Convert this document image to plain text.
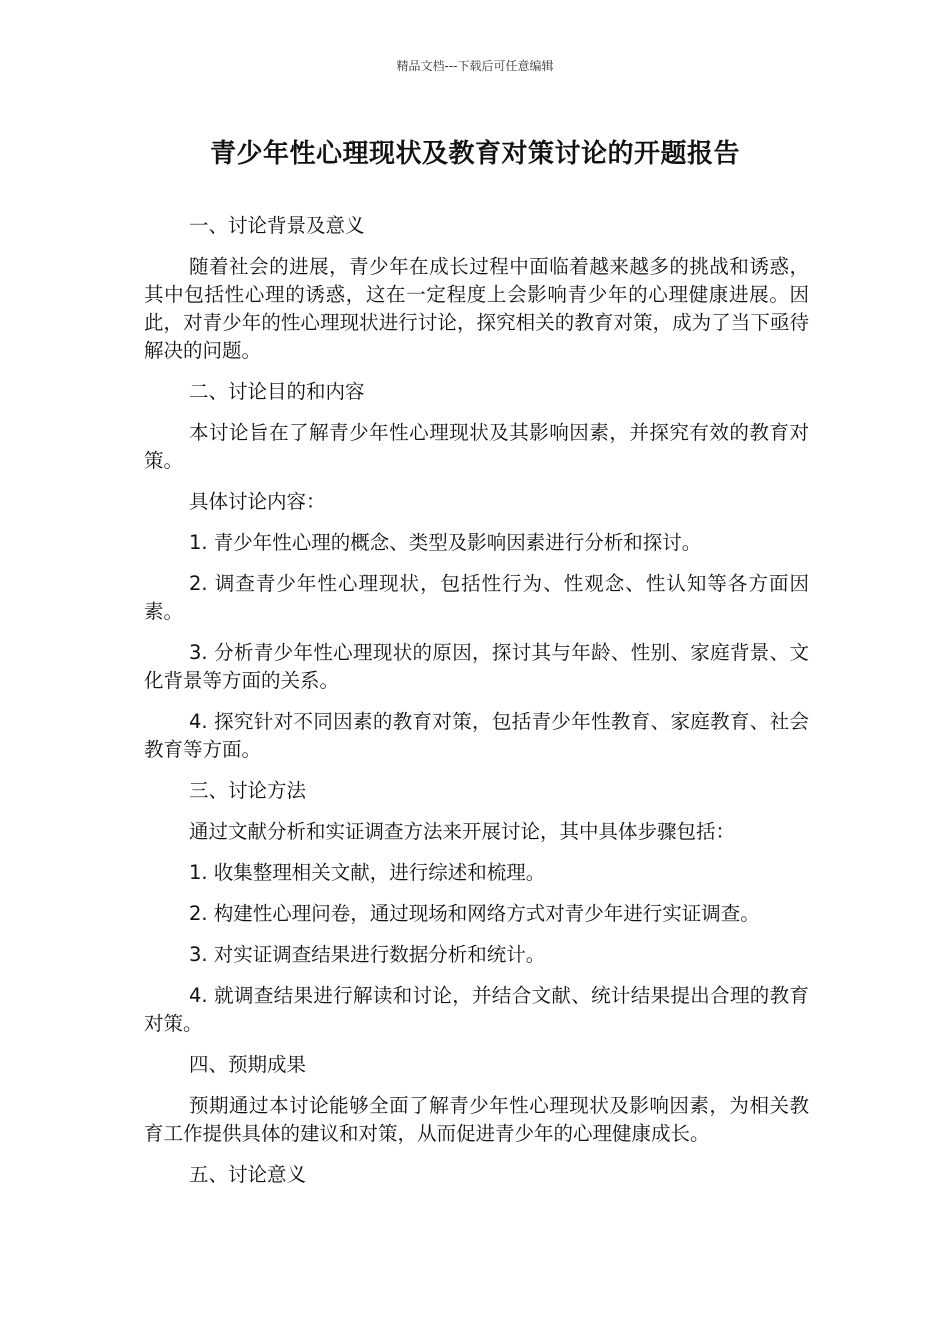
精品文档---下载后可任意编辑
青少年性心理现状及教育对策讨论的开题报告

一、讨论背景及意义

随着社会的进展，青少年在成长过程中面临着越来越多的挑战和诱惑，其中包括性心理的诱惑，这在一定程度上会影响青少年的心理健康进展。因此，对青少年的性心理现状进行讨论，探究相关的教育对策，成为了当下亟待解决的问题。

二、讨论目的和内容

本讨论旨在了解青少年性心理现状及其影响因素，并探究有效的教育对策。

具体讨论内容：

1. 青少年性心理的概念、类型及影响因素进行分析和探讨。

2. 调查青少年性心理现状，包括性行为、性观念、性认知等各方面因素。

3. 分析青少年性心理现状的原因，探讨其与年龄、性别、家庭背景、文化背景等方面的关系。

4. 探究针对不同因素的教育对策，包括青少年性教育、家庭教育、社会教育等方面。

三、讨论方法

通过文献分析和实证调查方法来开展讨论，其中具体步骤包括：

1. 收集整理相关文献，进行综述和梳理。

2. 构建性心理问卷，通过现场和网络方式对青少年进行实证调查。

3. 对实证调查结果进行数据分析和统计。

4. 就调查结果进行解读和讨论，并结合文献、统计结果提出合理的教育对策。

四、预期成果

预期通过本讨论能够全面了解青少年性心理现状及影响因素，为相关教育工作提供具体的建议和对策，从而促进青少年的心理健康成长。

五、讨论意义
